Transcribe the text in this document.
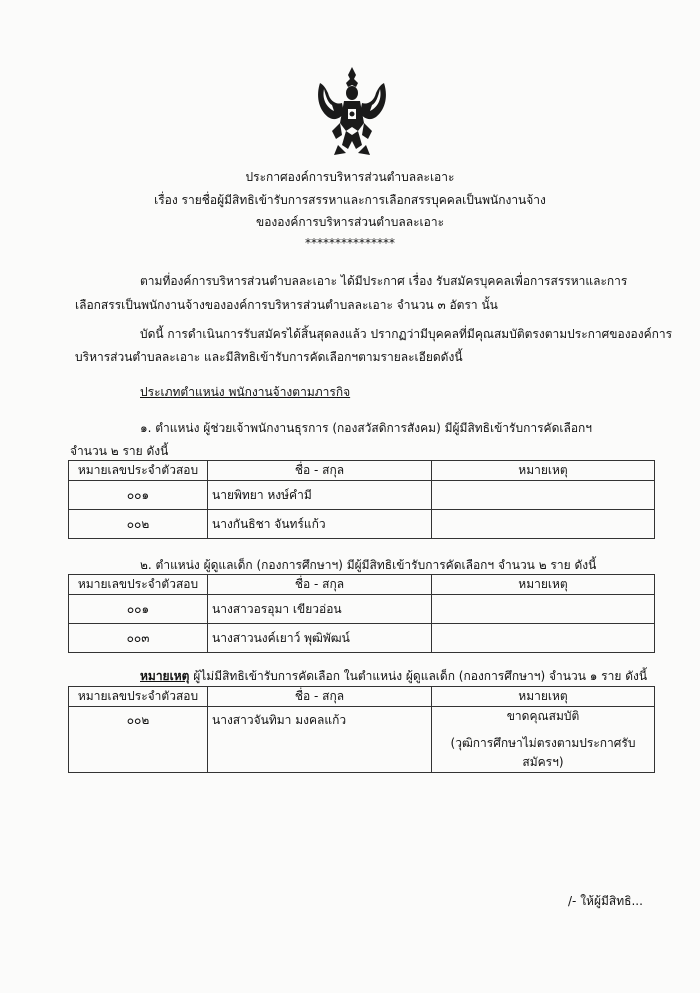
ประกาศองค์การบริหารส่วนตำบลละเอาะ
เรื่อง รายชื่อผู้มีสิทธิเข้ารับการสรรหาและการเลือกสรรบุคคลเป็นพนักงานจ้าง
ขององค์การบริหารส่วนตำบลละเอาะ
***************
ตามที่องค์การบริหารส่วนตำบลละเอาะ ได้มีประกาศ เรื่อง รับสมัครบุคคลเพื่อการสรรหาและการ
เลือกสรรเป็นพนักงานจ้างขององค์การบริหารส่วนตำบลละเอาะ จำนวน ๓ อัตรา นั้น
บัดนี้ การดำเนินการรับสมัครได้สิ้นสุดลงแล้ว ปรากฏว่ามีบุคคลที่มีคุณสมบัติตรงตามประกาศขององค์การ
บริหารส่วนตำบลละเอาะ และมีสิทธิเข้ารับการคัดเลือกฯตามรายละเอียดดังนี้
ประเภทตำแหน่ง พนักงานจ้างตามภารกิจ
๑. ตำแหน่ง ผู้ช่วยเจ้าพนักงานธุรการ (กองสวัสดิการสังคม) มีผู้มีสิทธิเข้ารับการคัดเลือกฯ
จำนวน ๒ ราย ดังนี้
หมายเลขประจำตัวสอบ	ชื่อ - สกุล	หมายเหตุ
๐๐๑	นายพิทยา หงษ์คำมี	
๐๐๒	นางกันธิชา จันทร์แก้ว	
๒. ตำแหน่ง ผู้ดูแลเด็ก (กองการศึกษาฯ) มีผู้มีสิทธิเข้ารับการคัดเลือกฯ จำนวน ๒ ราย ดังนี้
หมายเลขประจำตัวสอบ	ชื่อ - สกุล	หมายเหตุ
๐๐๑	นางสาวอรอุมา เขียวอ่อน	
๐๐๓	นางสาวนงค์เยาว์ พุฒิพัฒน์	
หมายเหตุ ผู้ไม่มีสิทธิเข้ารับการคัดเลือก ในตำแหน่ง ผู้ดูแลเด็ก (กองการศึกษาฯ) จำนวน ๑ ราย ดังนี้
หมายเลขประจำตัวสอบ	ชื่อ - สกุล	หมายเหตุ
๐๐๒	นางสาวจันทิมา มงคลแก้ว	ขาดคุณสมบัติ
(วุฒิการศึกษาไม่ตรงตามประกาศรับสมัครฯ)
/- ให้ผู้มีสิทธิ...
